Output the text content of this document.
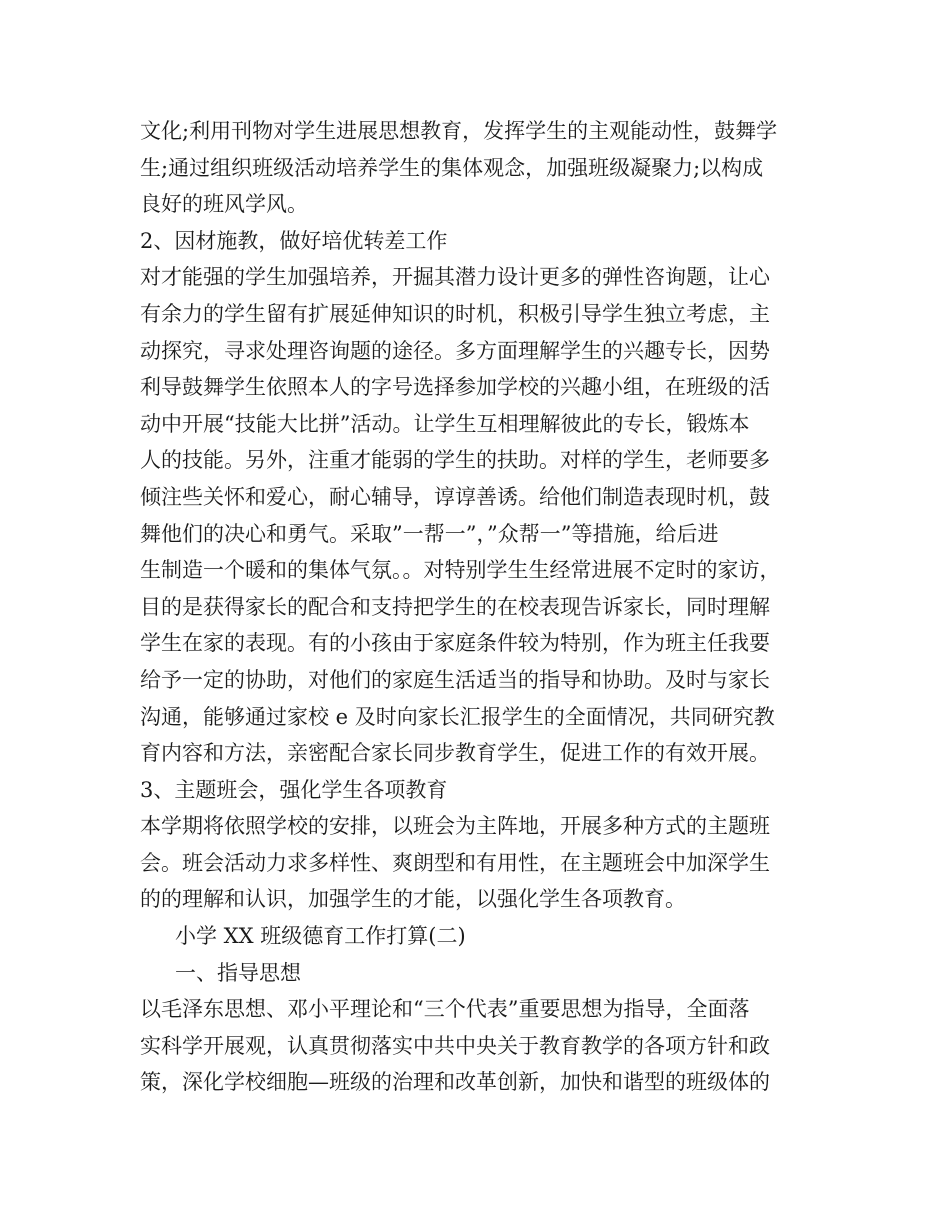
文化;利用刊物对学生进展思想教育，发挥学生的主观能动性，鼓舞学
生;通过组织班级活动培养学生的集体观念，加强班级凝聚力;以构成
良好的班风学风。
2、因材施教，做好培优转差工作
对才能强的学生加强培养，开掘其潜力设计更多的弹性咨询题，让心
有余力的学生留有扩展延伸知识的时机，积极引导学生独立考虑，主
动探究，寻求处理咨询题的途径。多方面理解学生的兴趣专长，因势
利导鼓舞学生依照本人的字号选择参加学校的兴趣小组，在班级的活
动中开展“技能大比拼”活动。让学生互相理解彼此的专长，锻炼本
人的技能。另外，注重才能弱的学生的扶助。对样的学生，老师要多
倾注些关怀和爱心，耐心辅导，谆谆善诱。给他们制造表现时机，鼓
舞他们的决心和勇气。采取”一帮一”，”众帮一”等措施，给后进
生制造一个暖和的集体气氛。。对特别学生生经常进展不定时的家访，
目的是获得家长的配合和支持把学生的在校表现告诉家长，同时理解
学生在家的表现。有的小孩由于家庭条件较为特别，作为班主任我要
给予一定的协助，对他们的家庭生活适当的指导和协助。及时与家长
沟通，能够通过家校 e 及时向家长汇报学生的全面情况，共同研究教
育内容和方法，亲密配合家长同步教育学生，促进工作的有效开展。
3、主题班会，强化学生各项教育
本学期将依照学校的安排，以班会为主阵地，开展多种方式的主题班
会。班会活动力求多样性、爽朗型和有用性，在主题班会中加深学生
的的理解和认识，加强学生的才能，以强化学生各项教育。
小学 XX 班级德育工作打算(二)
一、指导思想
以毛泽东思想、邓小平理论和“三个代表”重要思想为指导，全面落
实科学开展观，认真贯彻落实中共中央关于教育教学的各项方针和政
策，深化学校细胞—班级的治理和改革创新，加快和谐型的班级体的
